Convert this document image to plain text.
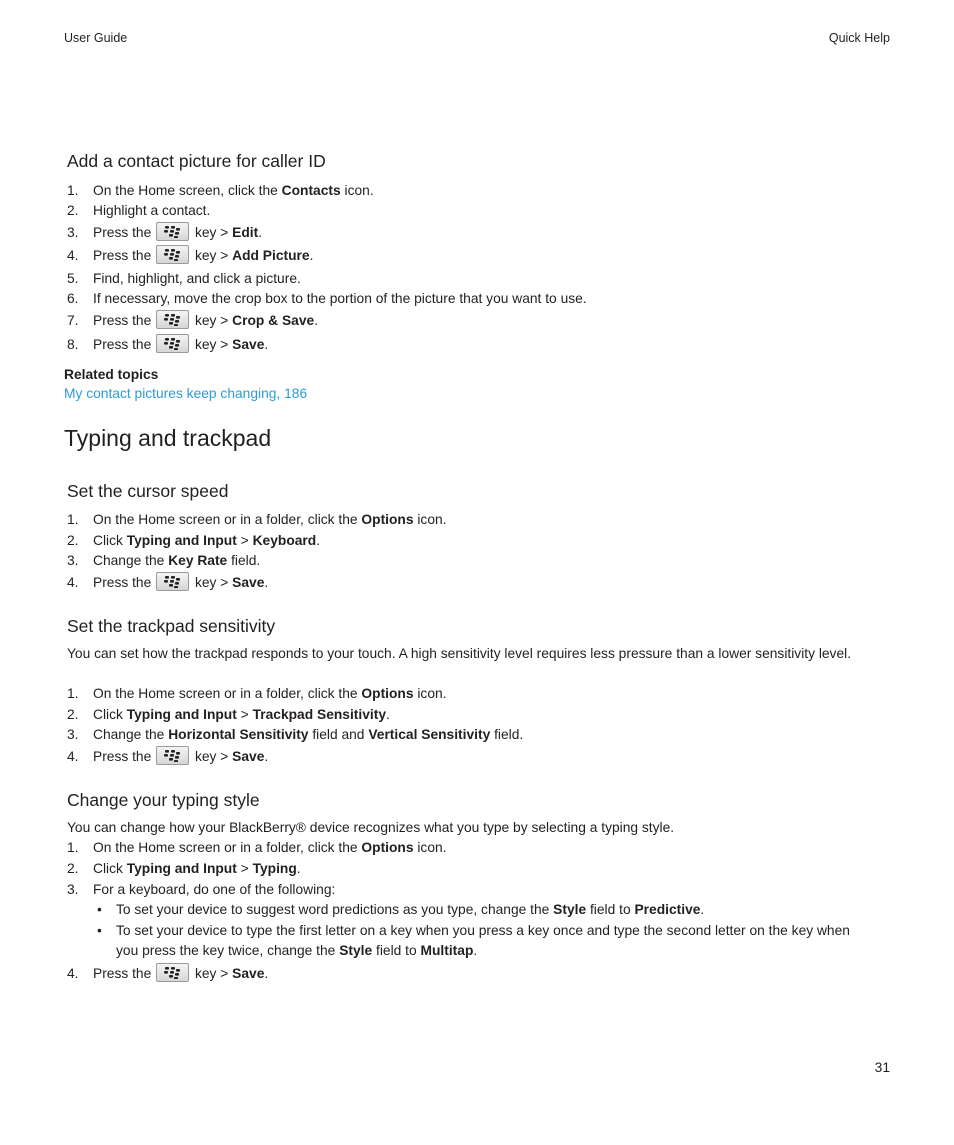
User Guide	Quick Help
Add a contact picture for caller ID
1. On the Home screen, click the Contacts icon.
2. Highlight a contact.
3. Press the	key > Edit.
4. Press the	key > Add Picture.
5. Find, highlight, and click a picture.
6. If necessary, move the crop box to the portion of the picture that you want to use.
7. Press the	key > Crop & Save.
8. Press the	key > Save.
Related topics
My contact pictures keep changing, 186
Typing and trackpad
Set the cursor speed
1. On the Home screen or in a folder, click the Options icon.
2. Click Typing and Input > Keyboard.
3. Change the Key Rate field.
4. Press the	key > Save.
Set the trackpad sensitivity
You can set how the trackpad responds to your touch. A high sensitivity level requires less pressure than a lower sensitivity level.
1. On the Home screen or in a folder, click the Options icon.
2. Click Typing and Input > Trackpad Sensitivity.
3. Change the Horizontal Sensitivity field and Vertical Sensitivity field.
4. Press the	key > Save.
Change your typing style
You can change how your BlackBerry® device recognizes what you type by selecting a typing style.
1. On the Home screen or in a folder, click the Options icon.
2. Click Typing and Input > Typing.
3. For a keyboard, do one of the following:
• To set your device to suggest word predictions as you type, change the Style field to Predictive.
• To set your device to type the first letter on a key when you press a key once and type the second letter on the key when you press the key twice, change the Style field to Multitap.
4. Press the	key > Save.
31
